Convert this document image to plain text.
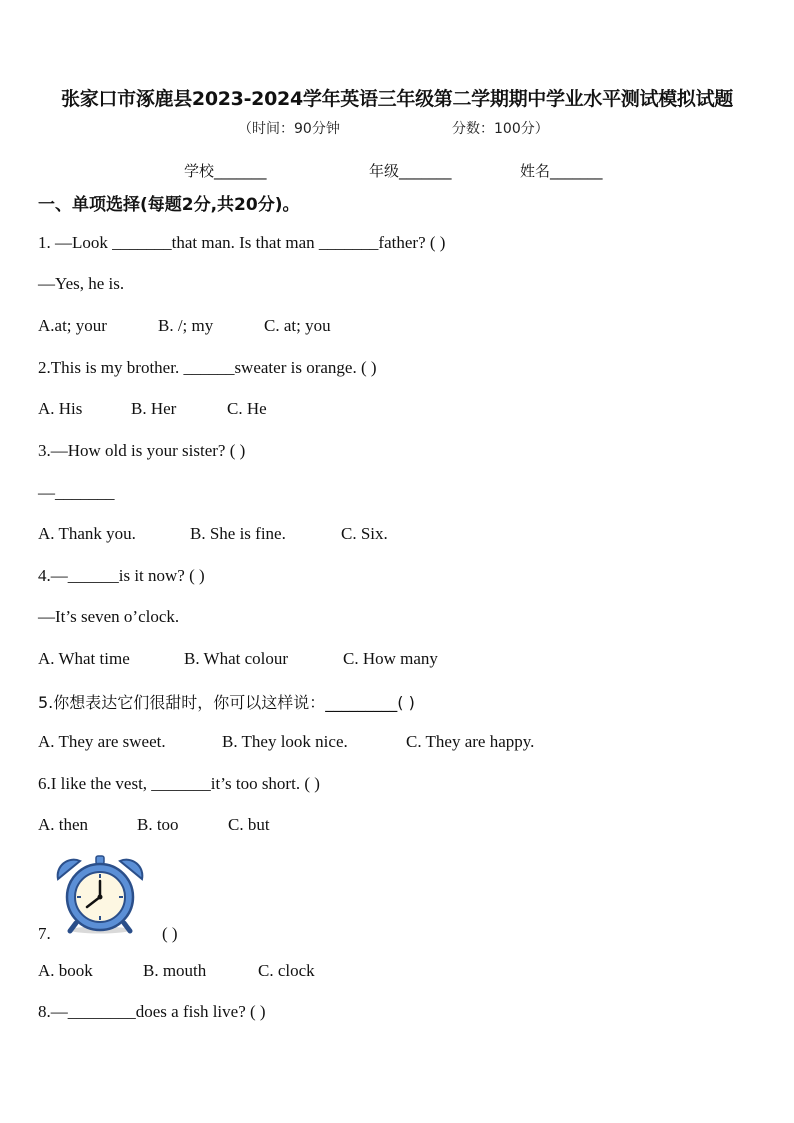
张家口市涿鹿县2023-2024学年英语三年级第二学期期中学业水平测试模拟试题
（时间：90分钟	分数：100分）
学校_______	年级_______	姓名_______
一、单项选择(每题2分,共20分)。
1. —Look _______that man. Is that man _______father? ( )
—Yes, he is.
A.at; your	B. /; my	C. at; you
2.This is my brother. ______sweater is orange. ( )
A. His	B. Her	C. He
3.—How old is your sister? ( )
—_______
A. Thank you.	B. She is fine.	C. Six.
4.—______is it now? ( )
—It’s seven o’clock.
A. What time	B. What colour	C. How many
5.你想表达它们很甜时，你可以这样说：_________( )
A. They are sweet.	B. They look nice.	C. They are happy.
6.I like the vest, _______it’s too short. ( )
A. then	B. too	C. but
7.	( )
A. book	B. mouth	C. clock
8.—________does a fish live? ( )
